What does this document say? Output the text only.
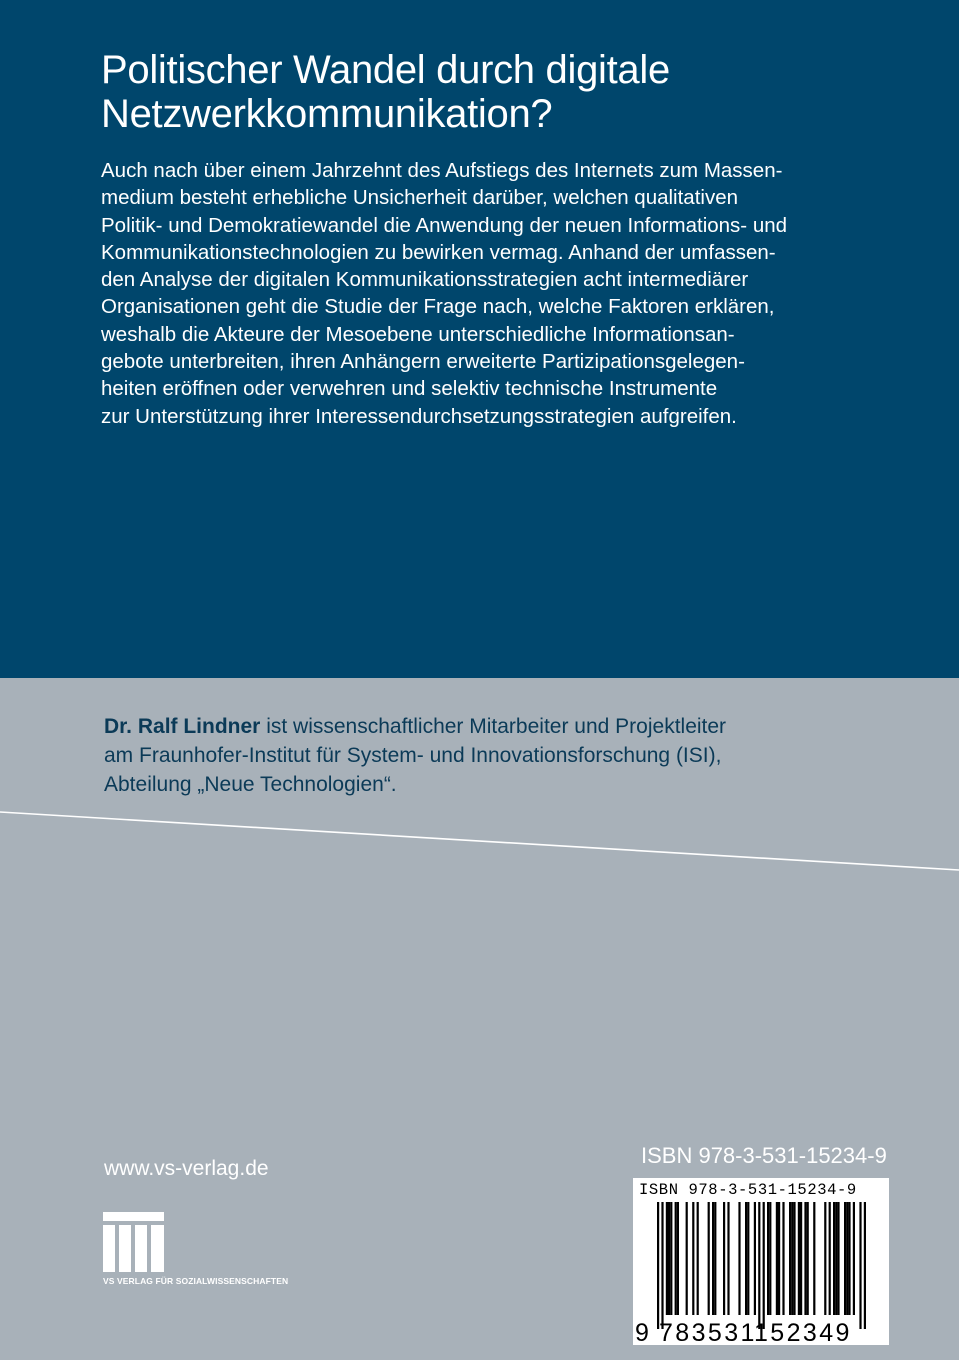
Politischer Wandel durch digitale
Netzwerkkommunikation?
Auch nach über einem Jahrzehnt des Aufstiegs des Internets zum Massen-
medium besteht erhebliche Unsicherheit darüber, welchen qualitativen
Politik- und Demokratiewandel die Anwendung der neuen Informations- und
Kommunikationstechnologien zu bewirken vermag. Anhand der umfassen-
den Analyse der digitalen Kommunikationsstrategien acht intermediärer
Organisationen geht die Studie der Frage nach, welche Faktoren erklären,
weshalb die Akteure der Mesoebene unterschiedliche Informationsan-
gebote unterbreiten, ihren Anhängern erweiterte Partizipationsgelegen-
heiten eröffnen oder verwehren und selektiv technische Instrumente
zur Unterstützung ihrer Interessendurchsetzungsstrategien aufgreifen.
Dr. Ralf Lindner ist wissenschaftlicher Mitarbeiter und Projektleiter
am Fraunhofer-Institut für System- und Innovationsforschung (ISI),
Abteilung „Neue Technologien“.
www.vs-verlag.de
VS VERLAG FÜR SOZIALWISSENSCHAFTEN
ISBN 978-3-531-15234-9
ISBN 978-3-531-15234-9
9 783531
152349
